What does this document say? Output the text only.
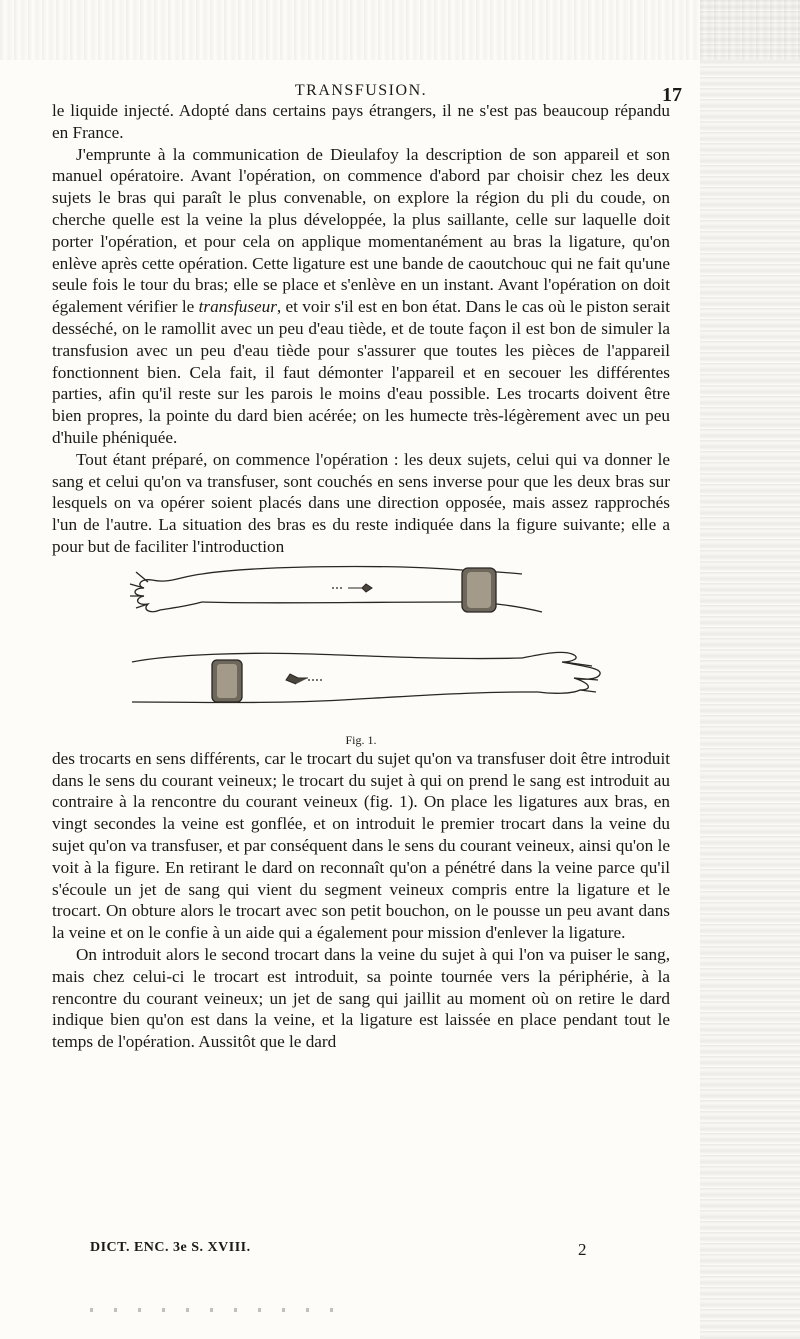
TRANSFUSION.	17

le liquide injecté. Adopté dans certains pays étrangers, il ne s'est pas beaucoup répandu en France.

J'emprunte à la communication de Dieulafoy la description de son appareil et son manuel opératoire. Avant l'opération, on commence d'abord par choisir chez les deux sujets le bras qui paraît le plus convenable, on explore la région du pli du coude, on cherche quelle est la veine la plus développée, la plus saillante, celle sur laquelle doit porter l'opération, et pour cela on applique momentanément au bras la ligature, qu'on enlève après cette opération. Cette ligature est une bande de caoutchouc qui ne fait qu'une seule fois le tour du bras; elle se place et s'enlève en un instant. Avant l'opération on doit également vérifier le transfuseur, et voir s'il est en bon état. Dans le cas où le piston serait desséché, on le ramollit avec un peu d'eau tiède, et de toute façon il est bon de simuler la transfusion avec un peu d'eau tiède pour s'assurer que toutes les pièces de l'appareil fonctionnent bien. Cela fait, il faut démonter l'appareil et en secouer les différentes parties, afin qu'il reste sur les parois le moins d'eau possible. Les trocarts doivent être bien propres, la pointe du dard bien acérée; on les humecte très-légèrement avec un peu d'huile phéniquée.

Tout étant préparé, on commence l'opération : les deux sujets, celui qui va donner le sang et celui qu'on va transfuser, sont couchés en sens inverse pour que les deux bras sur lesquels on va opérer soient placés dans une direction opposée, mais assez rapprochés l'un de l'autre. La situation des bras es du reste indiquée dans la figure suivante; elle a pour but de faciliter l'introduction

Fig. 1.

des trocarts en sens différents, car le trocart du sujet qu'on va transfuser doit être introduit dans le sens du courant veineux; le trocart du sujet à qui on prend le sang est introduit au contraire à la rencontre du courant veineux (fig. 1). On place les ligatures aux bras, en vingt secondes la veine est gonflée, et on introduit le premier trocart dans la veine du sujet qu'on va transfuser, et par conséquent dans le sens du courant veineux, ainsi qu'on le voit à la figure. En retirant le dard on reconnaît qu'on a pénétré dans la veine parce qu'il s'écoule un jet de sang qui vient du segment veineux compris entre la ligature et le trocart. On obture alors le trocart avec son petit bouchon, on le pousse un peu avant dans la veine et on le confie à un aide qui a également pour mission d'enlever la ligature.

On introduit alors le second trocart dans la veine du sujet à qui l'on va puiser le sang, mais chez celui-ci le trocart est introduit, sa pointe tournée vers la périphérie, à la rencontre du courant veineux; un jet de sang qui jaillit au moment où on retire le dard indique bien qu'on est dans la veine, et la ligature est laissée en place pendant tout le temps de l'opération. Aussitôt que le dard

DICT. ENC. 3e S. XVIII.	2
